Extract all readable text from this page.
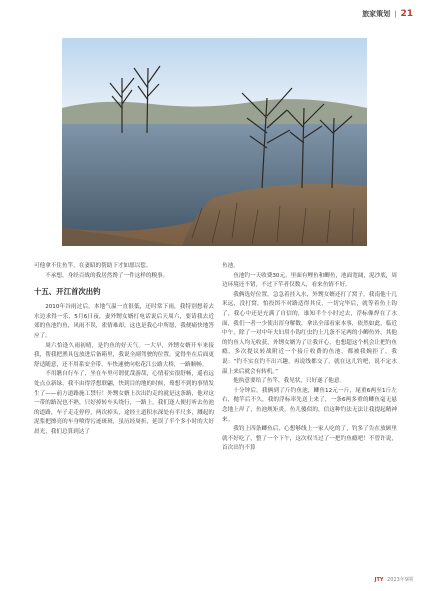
旅家策划 | 21

可他拿不住鱼竿，在妻昭的帮助下才如愿以偿。

不承想，身经百战的我居然馋了一件这样的糗事。

十五、开江首次出钓

2010年谷雨过后，本地气温一直很低，还时常下雨，我特别想着去水边求得一乐，5月6日夜，妻外甥女婿打电话说后天周六，要请我去近郊的鱼池钓鱼，风雨不误，雀情难却，这也是我心中所愿，我便痛快地答应了。

周六恰逢久雨初晴，是钓鱼的好天气。一大早，外甥女婿开车来接我，帮我把渔具包放进后备箱里，我说全副驾驶的位置，觉得坐在后面更舒适随意，还不用系安全带，车快速驶向松花江公路大桥，一路顺畅。

不用瞧自行车了，坐在车里可谓优哉游哉，心情着实很舒畅，遥看远处点点新绿，我不由得浮想联翩，快到目的地的时候，蓦想不到的事情发生了——前方道路施工禁行！外甥女婿上次出钓走的就是这条路，他对这一带的路况也不熟，只好掉转车头绕行，一路上，我们逢人便打听去鱼池的道路，车子走走停停，两次掉头，途经土道积水深处有半尺多，溅起的泥浆把擦亮的车身喷得污迹斑斑，虽历经周折，延误了半个多小时的大好晨光，我们总算到达了

鱼池。

鱼池钓一天收费30元，里面有鲤鱼和鲫鱼，池面宽阔，泥沙底，周边环境还不错，不过下竿者仅数人，看来鱼情不好。

我俩选好位置，急急着挂入水，外甥女婿还打了窝子，我南他十几米远，没打窝，怕投饵不对路适得其反，一切完毕后，就等着鱼上钩了，我心中还是充满了自信的，谁知半个小时过去，浮标像焊在了水面，我们一者一少使出浑身解数，拿出全部看家本事，依然如此，临近中午，除了一对中年夫妇用小钩红虫钓上几条不足两的小鲫鱼外，其他的钓鱼人均无收获，外甥女婿为了让我开心，也想超这个机会让把钓鱼瘾，多次提议转战附近一个接斤收费的鱼池，都被我婉拒了，我说：“钓不实在钓不出兴趣，再说线都交了，就在这儿钓吧，说不定水温上来后就会有转机。”

他执意要给了鱼竿，我见状，只好遂了他意。

十分钟后，我俩到了斤钓鱼池，鲫鱼12元一斤，尾重6两至1斤左右，抛竿后不久，我的浮标率先送上来了，一条6两多重的鲫鱼毫无悬念地上岸了，鱼池规矩炎，鱼儿傻似的，信这种钓法无法让我提起精神来。

我钓上四条鲫鱼后，心想够线上一家人吃的了，钓多了告在放顾里就不好吃了，整了一个下午，这次权当过了一把钓鱼瘾吧！不曾许说，首次出钓不算

JTY 2023年9期
